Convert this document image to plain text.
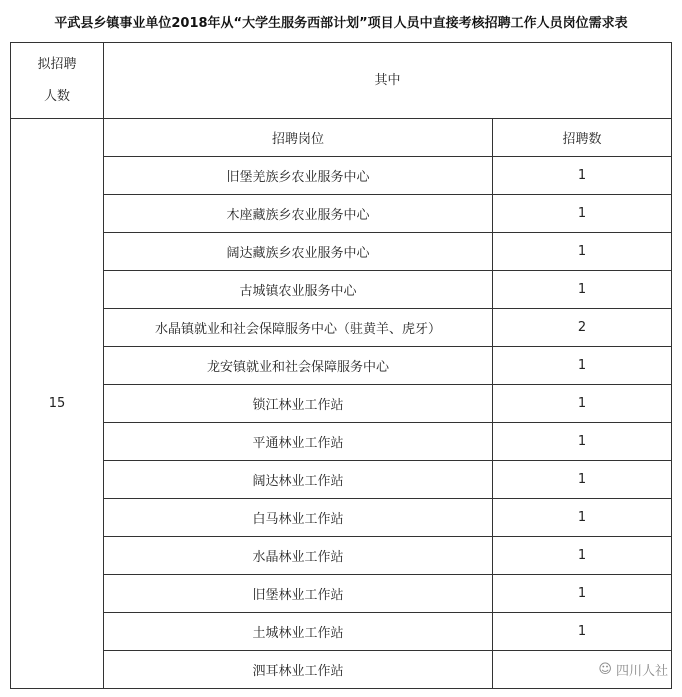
平武县乡镇事业单位2018年从“大学生服务西部计划”项目人员中直接考核招聘工作人员岗位需求表
拟招聘
人数	其中	
15	招聘岗位	招聘数
	旧堡羌族乡农业服务中心	1
	木座藏族乡农业服务中心	1
	阔达藏族乡农业服务中心	1
	古城镇农业服务中心	1
	水晶镇就业和社会保障服务中心（驻黄羊、虎牙）	2
	龙安镇就业和社会保障服务中心	1
	锁江林业工作站	1
	平通林业工作站	1
	阔达林业工作站	1
	白马林业工作站	1
	水晶林业工作站	1
	旧堡林业工作站	1
	土城林业工作站	1
	泗耳林业工作站		☺ 四川人社
